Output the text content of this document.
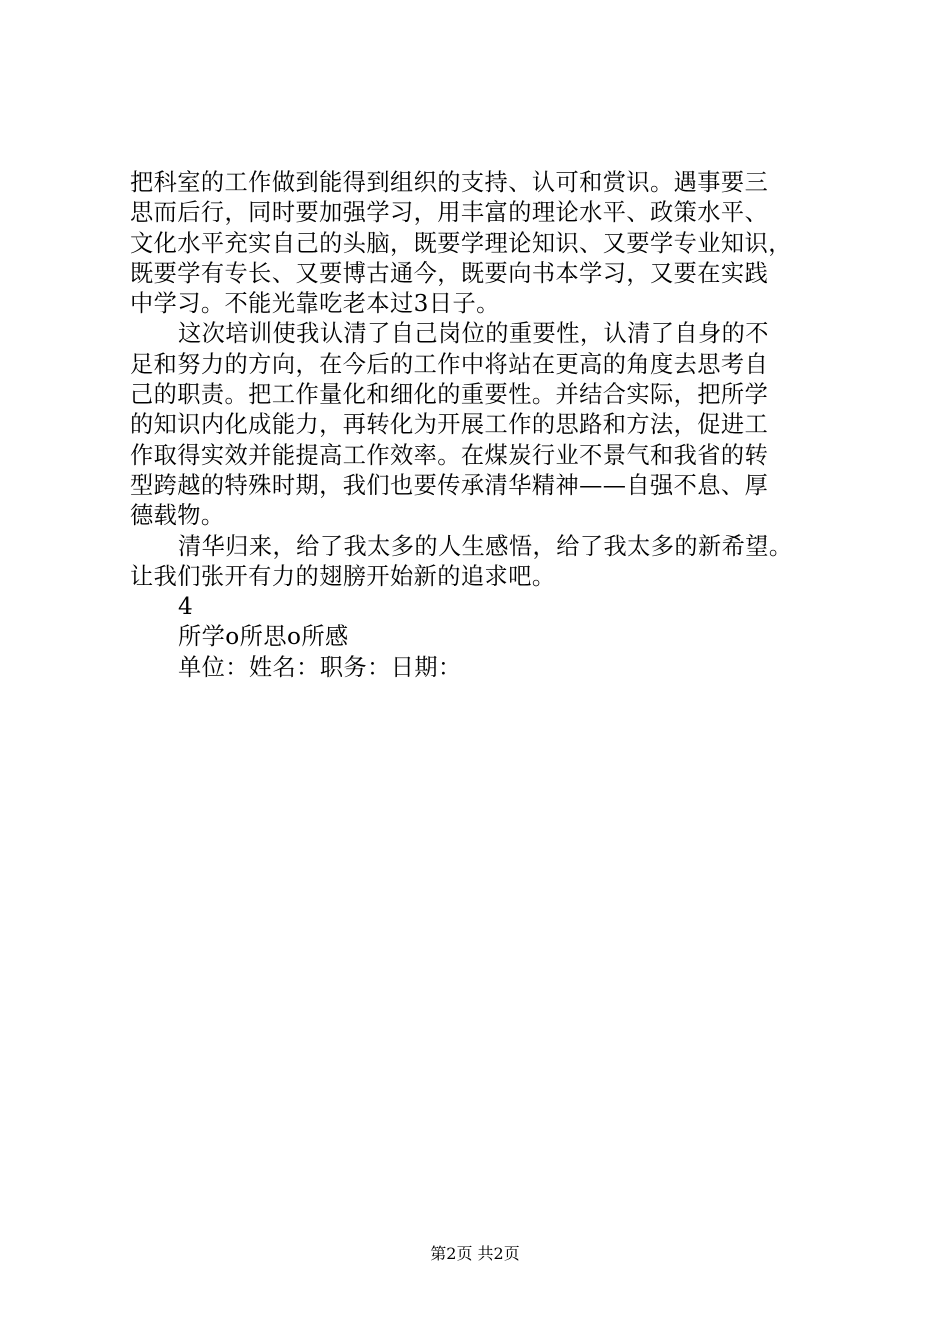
把科室的工作做到能得到组织的支持、认可和赏识。遇事要三
思而后行，同时要加强学习，用丰富的理论水平、政策水平、
文化水平充实自己的头脑，既要学理论知识、又要学专业知识，
既要学有专长、又要博古通今，既要向书本学习，又要在实践
中学习。不能光靠吃老本过3日子。
这次培训使我认清了自己岗位的重要性，认清了自身的不
足和努力的方向，在今后的工作中将站在更高的角度去思考自
己的职责。把工作量化和细化的重要性。并结合实际，把所学
的知识内化成能力，再转化为开展工作的思路和方法，促进工
作取得实效并能提高工作效率。在煤炭行业不景气和我省的转
型跨越的特殊时期，我们也要传承清华精神——自强不息、厚
德载物。
清华归来，给了我太多的人生感悟，给了我太多的新希望。
让我们张开有力的翅膀开始新的追求吧。
4
所学o所思o所感
单位：姓名：职务：日期：
第2页 共2页
